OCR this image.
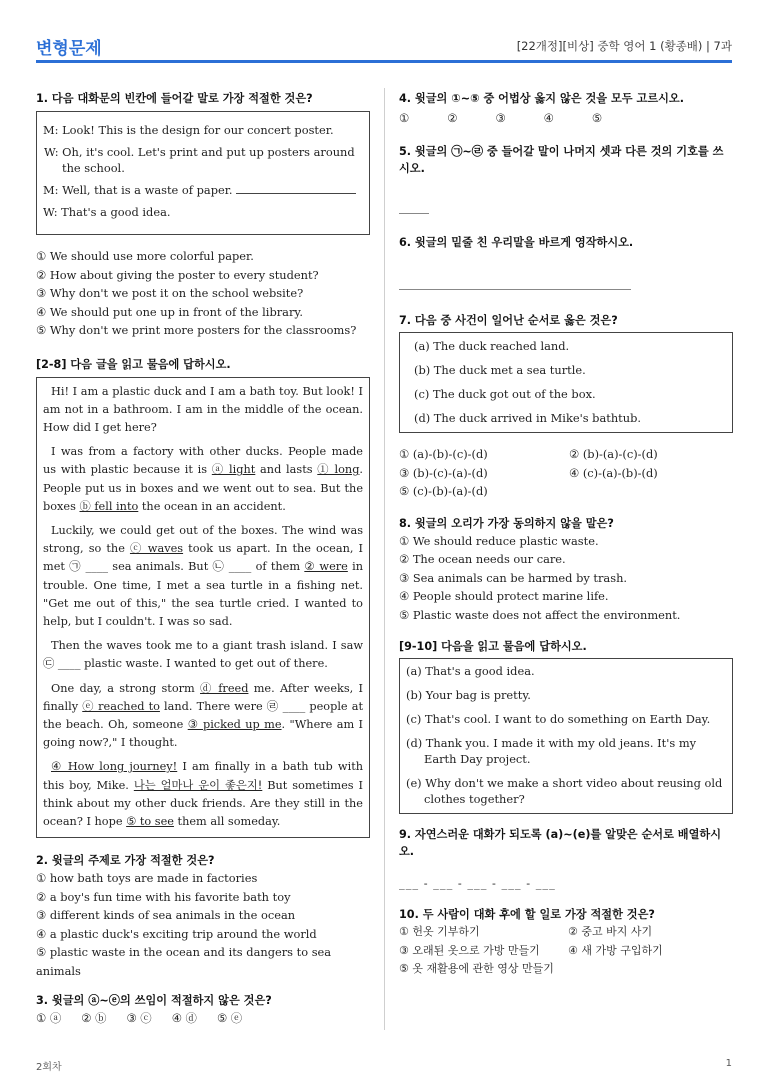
변형문제	[22개정][비상] 중학 영어 1 (황종배) | 7과
1. 다음 대화문의 빈칸에 들어갈 말로 가장 적절한 것은?

M: Look! This is the design for our concert poster.

W: Oh, it's cool. Let's print and put up posters around the school.

M: Well, that is a waste of paper.

W: That's a good idea.

① We should use more colorful paper.
② How about giving the poster to every student?
③ Why don't we post it on the school website?
④ We should put one up in front of the library.
⑤ Why don't we print more posters for the classrooms?
[2-8] 다음 글을 읽고 물음에 답하시오.
Hi! I am a plastic duck and I am a bath toy. But look! I am not in a bathroom. I am in the middle of the ocean. How did I get here?
I was from a factory with other ducks. People made us with plastic because it is ⓐ light and lasts ① long. People put us in boxes and we went out to sea. But the boxes ⓑ fell into the ocean in an accident.
Luckily, we could get out of the boxes. The wind was strong, so the ⓒ waves took us apart. In the ocean, I met ㉠ ____ sea animals. But ㉡ ____ of them ② were in trouble. One time, I met a sea turtle in a fishing net. "Get me out of this," the sea turtle cried. I wanted to help, but I couldn't. I was so sad.
Then the waves took me to a giant trash island. I saw ㉢ ____ plastic waste. I wanted to get out of there.
One day, a strong storm ⓓ freed me. After weeks, I finally ⓔ reached to land. There were ㉣ ____ people at the beach. Oh, someone ③ picked up me. "Where am I going now?," I thought.
④ How long journey! I am finally in a bath tub with this boy, Mike. 나는 얼마나 운이 좋은지! But sometimes I think about my other duck friends. Are they still in the ocean? I hope ⑤ to see them all someday.
2. 윗글의 주제로 가장 적절한 것은?
① how bath toys are made in factories
② a boy's fun time with his favorite bath toy
③ different kinds of sea animals in the ocean
④ a plastic duck's exciting trip around the world
⑤ plastic waste in the ocean and its dangers to sea animals
3. 윗글의 ⓐ~ⓔ의 쓰임이 적절하지 않은 것은?
① ⓐ ② ⓑ ③ ⓒ ④ ⓓ ⑤ ⓔ
4. 윗글의 ①~⑤ 중 어법상 옳지 않은 것을 모두 고르시오.
①	②	③	④	⑤
5. 윗글의 ㉠~㉣ 중 들어갈 말이 나머지 셋과 다른 것의 기호를 쓰시오.
6. 윗글의 밑줄 친 우리말을 바르게 영작하시오.
7. 다음 중 사건이 일어난 순서로 옳은 것은?

(a) The duck reached land.

(b) The duck met a sea turtle.

(c) The duck got out of the box.

(d) The duck arrived in Mike's bathtub.

① (a)-(b)-(c)-(d)	② (b)-(a)-(c)-(d)
③ (b)-(c)-(a)-(d)	④ (c)-(a)-(b)-(d)
⑤ (c)-(b)-(a)-(d)
8. 윗글의 오리가 가장 동의하지 않을 말은?
① We should reduce plastic waste.
② The ocean needs our care.
③ Sea animals can be harmed by trash.
④ People should protect marine life.
⑤ Plastic waste does not affect the environment.
[9-10] 다음을 읽고 물음에 답하시오.

(a) That's a good idea.

(b) Your bag is pretty.

(c) That's cool. I want to do something on Earth Day.

(d) Thank you. I made it with my old jeans. It's my Earth Day project.

(e) Why don't we make a short video about reusing old clothes together?

9. 자연스러운 대화가 되도록 (a)~(e)를 알맞은 순서로 배열하시오.
___ - ___ - ___ - ___ - ___
10. 두 사람이 대화 후에 할 일로 가장 적절한 것은?
① 헌옷 기부하기	② 중고 바지 사기
③ 오래된 옷으로 가방 만들기	④ 새 가방 구입하기
⑤ 옷 재활용에 관한 영상 만들기
2회차	1
